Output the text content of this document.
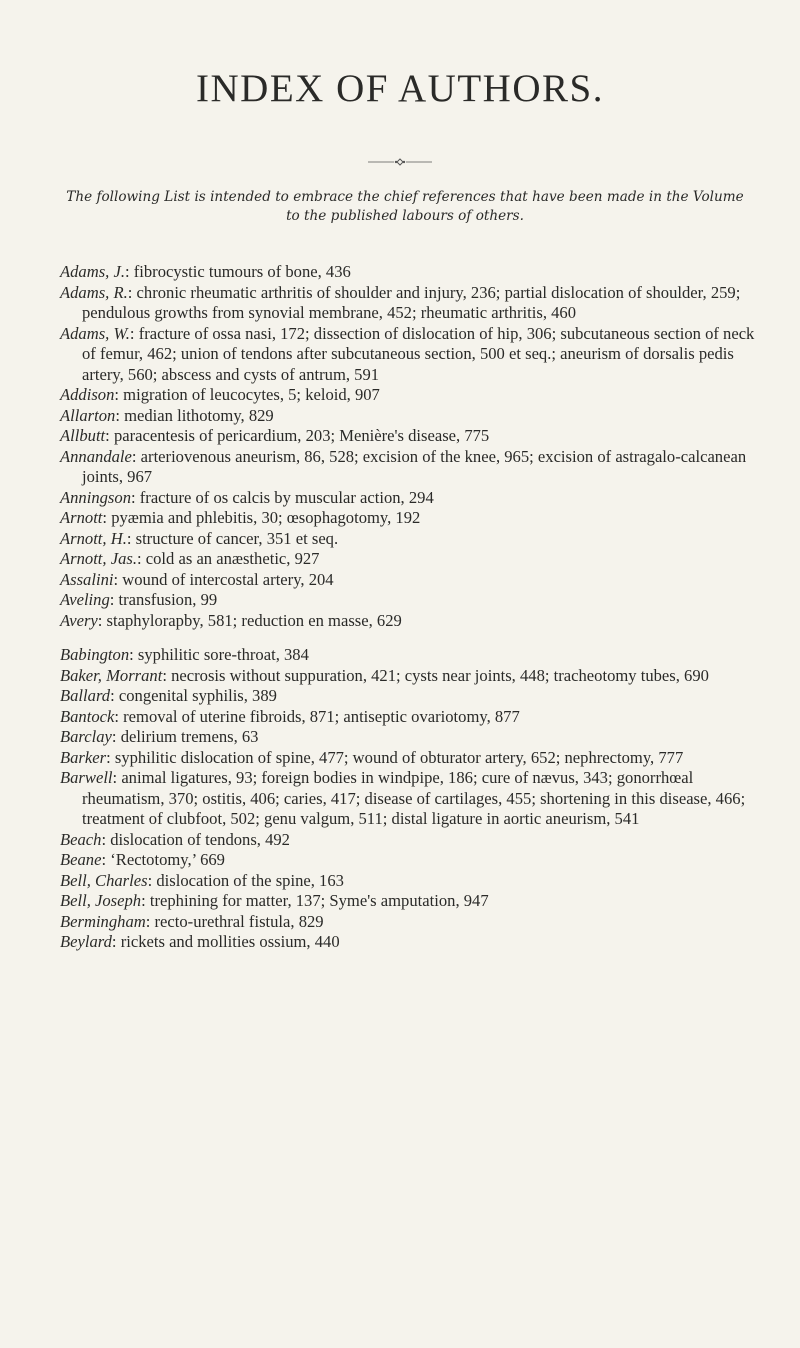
INDEX OF AUTHORS.

The following List is intended to embrace the chief references that have been made in the Volume to the published labours of others.

Adams, J.: fibrocystic tumours of bone, 436

Adams, R.: chronic rheumatic arthritis of shoulder and injury, 236; partial dislocation of shoulder, 259; pendulous growths from synovial membrane, 452; rheumatic arthritis, 460

Adams, W.: fracture of ossa nasi, 172; dissection of dislocation of hip, 306; subcutaneous section of neck of femur, 462; union of tendons after subcutaneous section, 500 et seq.; aneurism of dorsalis pedis artery, 560; abscess and cysts of antrum, 591

Addison: migration of leucocytes, 5; keloid, 907

Allarton: median lithotomy, 829

Allbutt: paracentesis of pericardium, 203; Menière's disease, 775

Annandale: arteriovenous aneurism, 86, 528; excision of the knee, 965; excision of astragalo-calcanean joints, 967

Anningson: fracture of os calcis by muscular action, 294

Arnott: pyæmia and phlebitis, 30; œsophagotomy, 192

Arnott, H.: structure of cancer, 351 et seq.

Arnott, Jas.: cold as an anæsthetic, 927

Assalini: wound of intercostal artery, 204

Aveling: transfusion, 99

Avery: staphylorapby, 581; reduction en masse, 629

Babington: syphilitic sore-throat, 384

Baker, Morrant: necrosis without suppuration, 421; cysts near joints, 448; tracheotomy tubes, 690

Ballard: congenital syphilis, 389

Bantock: removal of uterine fibroids, 871; antiseptic ovariotomy, 877

Barclay: delirium tremens, 63

Barker: syphilitic dislocation of spine, 477; wound of obturator artery, 652; nephrectomy, 777

Barwell: animal ligatures, 93; foreign bodies in windpipe, 186; cure of nævus, 343; gonorrhœal rheumatism, 370; ostitis, 406; caries, 417; disease of cartilages, 455; shortening in this disease, 466; treatment of clubfoot, 502; genu valgum, 511; distal ligature in aortic aneurism, 541

Beach: dislocation of tendons, 492

Beane: ‘Rectotomy,’ 669

Bell, Charles: dislocation of the spine, 163

Bell, Joseph: trephining for matter, 137; Syme's amputation, 947

Bermingham: recto-urethral fistula, 829

Beylard: rickets and mollities ossium, 440
